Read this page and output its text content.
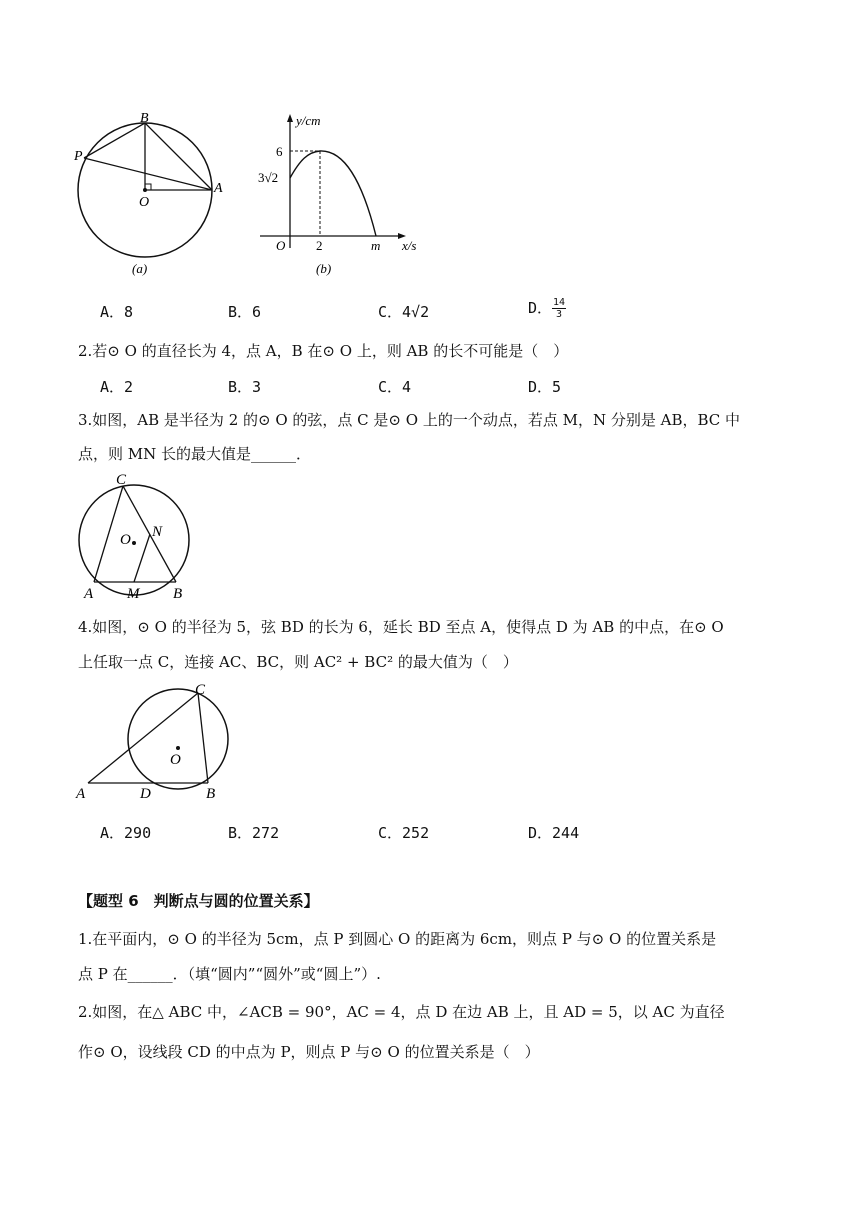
B
P
O
A
(a)
y/cm
6
3√2
O 2	m x/s
(b)
A．8	B．6	C．4√2	D． $\frac{14}{3}$
2.若⊙ O 的直径长为 4，点 A，B 在⊙ O 上，则 AB 的长不可能是（　）
A．2	B．3	C．4	D．5
3.如图，AB 是半径为 2 的⊙ O 的弦，点 C 是⊙ O 上的一个动点，若点 M，N 分别是 AB，BC 中
点，则 MN 长的最大值是______．
C
O N
A M B
4.如图，⊙ O 的半径为 5，弦 BD 的长为 6，延长 BD 至点 A，使得点 D 为 AB 的中点，在⊙ O
上任取一点 C，连接 AC、BC，则 AC² + BC² 的最大值为（　）
C
O
A	D	B
A．290	B．272	C．252	D．244
【题型 6　判断点与圆的位置关系】
1.在平面内，⊙ O 的半径为 5cm，点 P 到圆心 O 的距离为 6cm，则点 P 与⊙ O 的位置关系是
点 P 在______．（填“圆内”“圆外”或“圆上”）.
2.如图，在△ ABC 中，∠ACB = 90°，AC = 4，点 D 在边 AB 上，且 AD = 5，以 AC 为直径
作⊙ O，设线段 CD 的中点为 P，则点 P 与⊙ O 的位置关系是（　）
